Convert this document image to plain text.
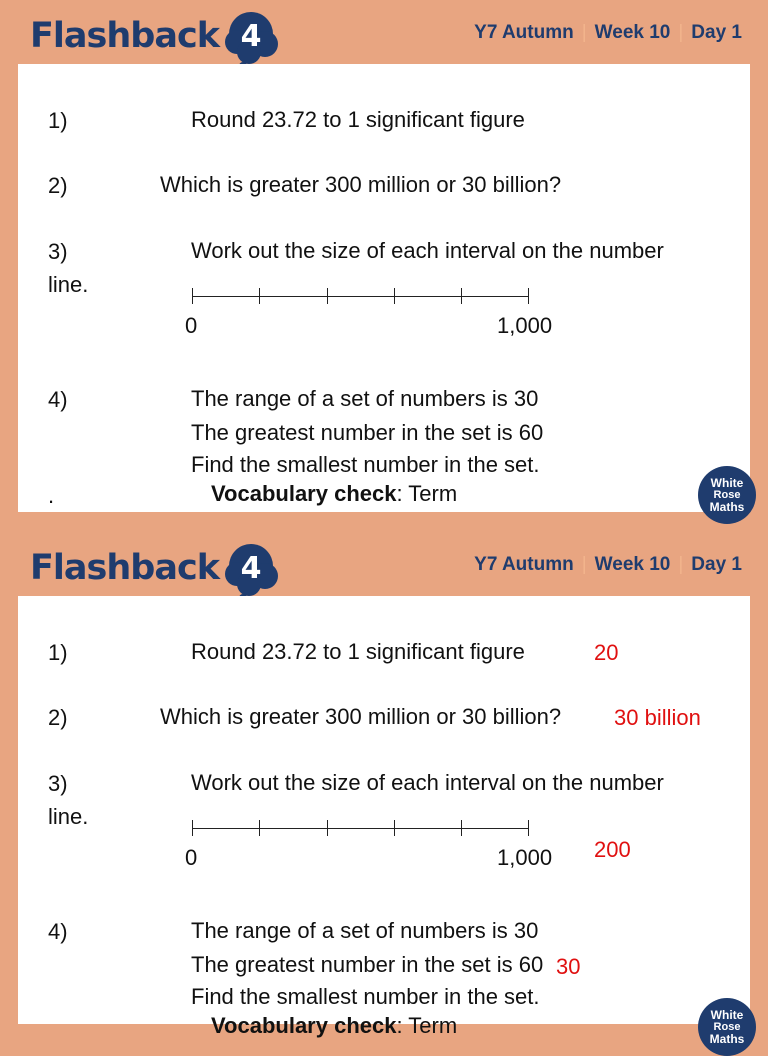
Flashback 4	Y7 Autumn | Week 10 | Day 1
1)	Round 23.72 to 1 significant figure
2)	Which is greater 300 million or 30 billion?
3)	Work out the size of each interval on the number
line.
0	1,000
4)	The range of a set of numbers is 30
The greatest number in the set is 60
Find the smallest number in the set.
.	Vocabulary check: Term	White
Rose
Maths
Flashback 4	Y7 Autumn | Week 10 | Day 1
1)	Round 23.72 to 1 significant figure	20
2)	Which is greater 300 million or 30 billion? 30 billion
3)	Work out the size of each interval on the number
line.
0	1,000 200
4)	The range of a set of numbers is 30
The greatest number in the set is 60 30
Find the smallest number in the set.
Vocabulary check: Term	White
Rose
Maths
